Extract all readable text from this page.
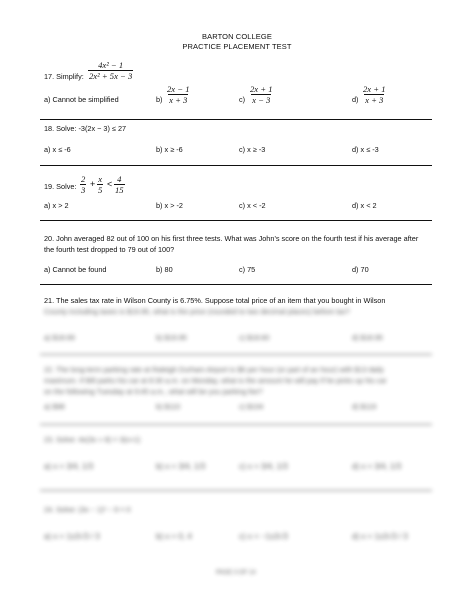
BARTON COLLEGE
PRACTICE PLACEMENT TEST
17. Simplify: $\frac{\text{4x² − 1}}{\text{2x² + 5x − 3}}$
a) Cannot be simplified	$b) \frac{2x - 1}{x + 3}$	$c) \frac{2x + 1}{x - 3}$	$d) \frac{2x + 1}{x + 3}$
18. Solve: -3(2x − 3) ≤ 27
a) x ≤ -6	b) x ≥ -6	c) x ≥ -3	d) x ≤ -3
19. Solve: $\frac{2}{3} + \frac{x}{5} < \frac{4}{15}$
a) x > 2	b) x > -2	c) x < -2	d) x < 2
20. John averaged 82 out of 100 on his first three tests. What was John’s score on the fourth test if his average after the fourth test dropped to 79 out of 100?
a) Cannot be found	b) 80	c) 75	d) 70
21. The sales tax rate in Wilson County is 6.75%. Suppose total price of an item that you bought in Wilson
County including taxes is $19.95, what is the price (rounded to two decimal places) before tax?
a) $18.69	b) $19.95	c) $18.60	d) $18.95
22. The long-term parking rate at Raleigh Durham Airport is $6 per hour (or part of an hour) with $13 daily
maximum. If Bill parks his car at 8:30 a.m. on Monday, what is the amount he will pay if he picks up his car
on the following Tuesday at 9:45 a.m., what will be you parking fee?
a) $98	b) $110	c) $104	d) $119
23. Solve: 4x(3x + 8) = 3(x+1)
a) x = 3/4, 1/3	b) x = 3/4, 1/3	c) x = 3/4, 1/3	d) x = 3/4, 1/3
24. Solve: (3x − 1)² − 9 = 0
a) x = 1±3√3 / 3	b) x = 0, 4	c) x = −1±3√3	d) x = 1±3√3 / 3
PAGE 3 OF 14
